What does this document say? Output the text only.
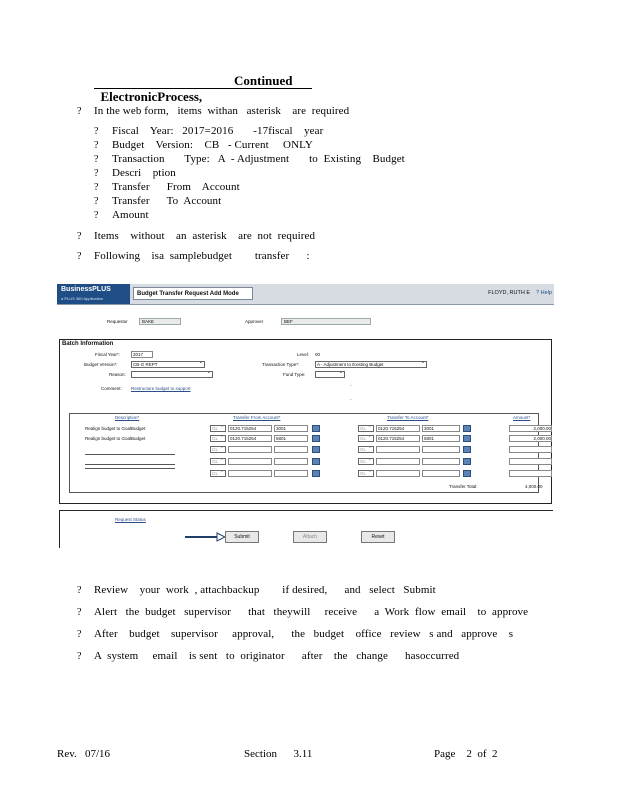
ElectronicProcess,

Continued

? In the web form,   items  withan   asterisk    are  required
? Fiscal    Year:   2017=2016       -17fiscal    year
? Budget    Version:    CB   - Current     ONLY
? Transaction       Type:   A  - Adjustment       to  Existing    Budget
? Descri    ption
? Transfer      From    Account
? Transfer      To  Account
? Amount
? Items    without    an  asterisk    are  not  required
? Following    isa  samplebudget        transfer      :
BusinessPLUS
a PLUS 360 Application
Budget Transfer Request Add Mode	FLOYD, RUTH E ? Help
Requestor	BAKE	Approver	BEF
Batch Information
Fiscal Year*:	2017	Level: 00
Budget Version*:	CB-G REPT ⌄	Transaction Type*:	A - Adjustment to Existing Budget ⌄
Reason:
⌄	Fund Type:
⌄
Comment: Restructure budget to support	⌃
⌄
Description*	Transfer From Account*	Transfer To Account*	Amount*
Realign budget to GoalBudget	GL ⌄	0120.715254	3001	GL ⌄	0120.715254	3001	2,000.00
Realign budget to GoalBudget	GL ⌄	0120.715254	5801	GL ⌄	0120.715254	5801	2,000.00
GL ⌄	GL ⌄
GL ⌄	GL ⌄
GL ⌄	GL ⌄
Transfer Total:	4,000.00
Request Status
Submit	Attach	Reset
? Review    your  work  , attachbackup        if desired,      and   select   Submit
? Alert   the  budget   supervisor      that   theywill     receive      a  Work  flow  email    to  approve
? After    budget    supervisor     approval,      the   budget    office   review   s and   approve    s
? A  system     email    is sent   to  originator      after    the   change      hasoccurred
Rev.   07/16	Section      3.11	Page    2  of  2
